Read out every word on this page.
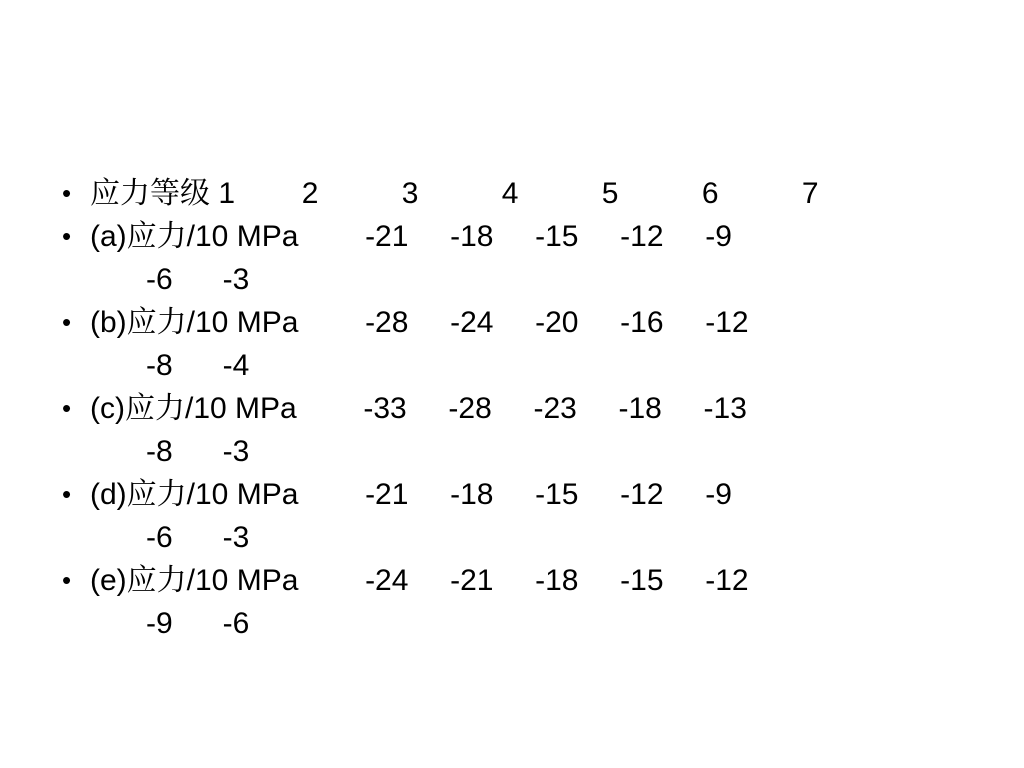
• 应力等级 1        2          3          4          5          6          7
• (a)应力/10 MPa        -21     -18     -15     -12     -9
-6      -3
• (b)应力/10 MPa        -28     -24     -20     -16     -12
-8      -4
• (c)应力/10 MPa        -33     -28     -23     -18     -13
-8      -3
• (d)应力/10 MPa        -21     -18     -15     -12     -9
-6      -3
• (e)应力/10 MPa        -24     -21     -18     -15     -12
-9      -6
